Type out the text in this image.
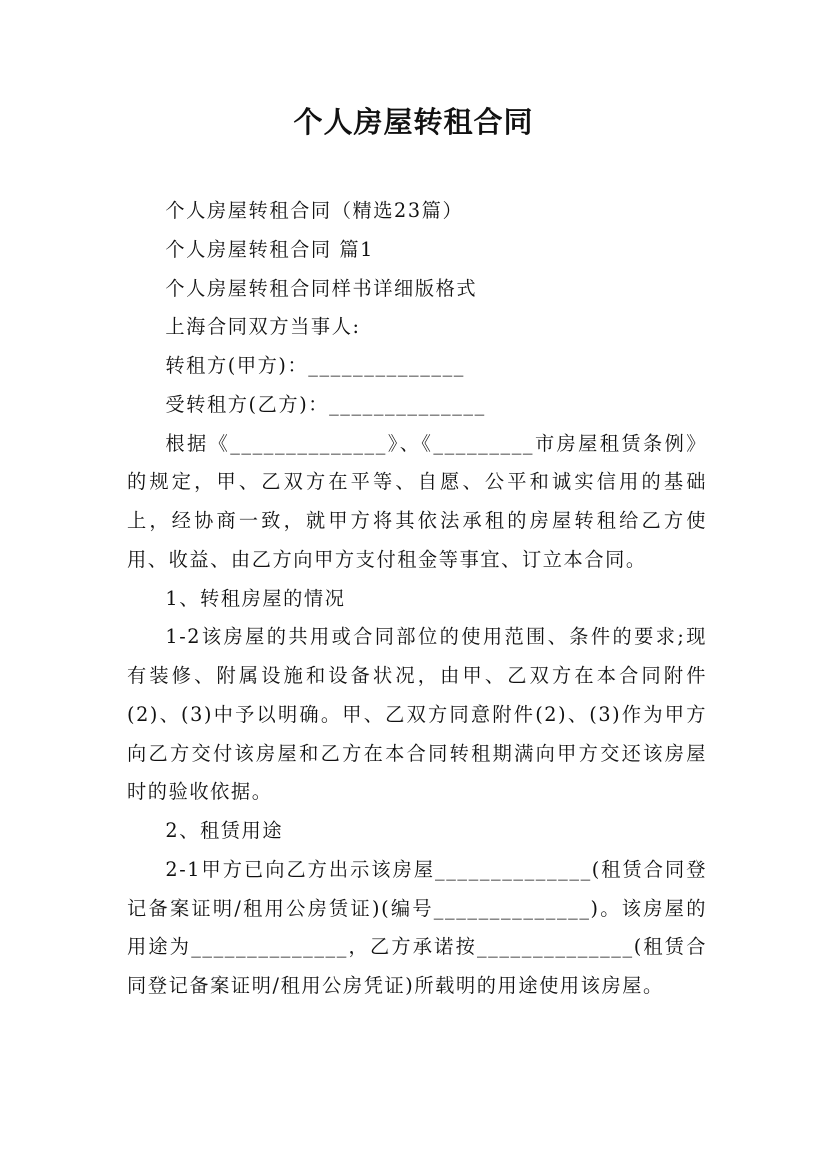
个人房屋转租合同

个人房屋转租合同（精选23篇）

个人房屋转租合同 篇1

个人房屋转租合同样书详细版格式

上海合同双方当事人:

转租方(甲方)：______________

受转租方(乙方)：______________

根据《______________》、《_________市房屋租赁条例》的规定，甲、乙双方在平等、自愿、公平和诚实信用的基础上，经协商一致，就甲方将其依法承租的房屋转租给乙方使用、收益、由乙方向甲方支付租金等事宜、订立本合同。

1、转租房屋的情况

1-2该房屋的共用或合同部位的使用范围、条件的要求;现有装修、附属设施和设备状况，由甲、乙双方在本合同附件(2)、(3)中予以明确。甲、乙双方同意附件(2)、(3)作为甲方向乙方交付该房屋和乙方在本合同转租期满向甲方交还该房屋时的验收依据。

2、租赁用途

2-1甲方已向乙方出示该房屋______________(租赁合同登记备案证明/租用公房赁证)(编号______________)。该房屋的用途为______________，乙方承诺按______________(租赁合同登记备案证明/租用公房凭证)所载明的用途使用该房屋。
